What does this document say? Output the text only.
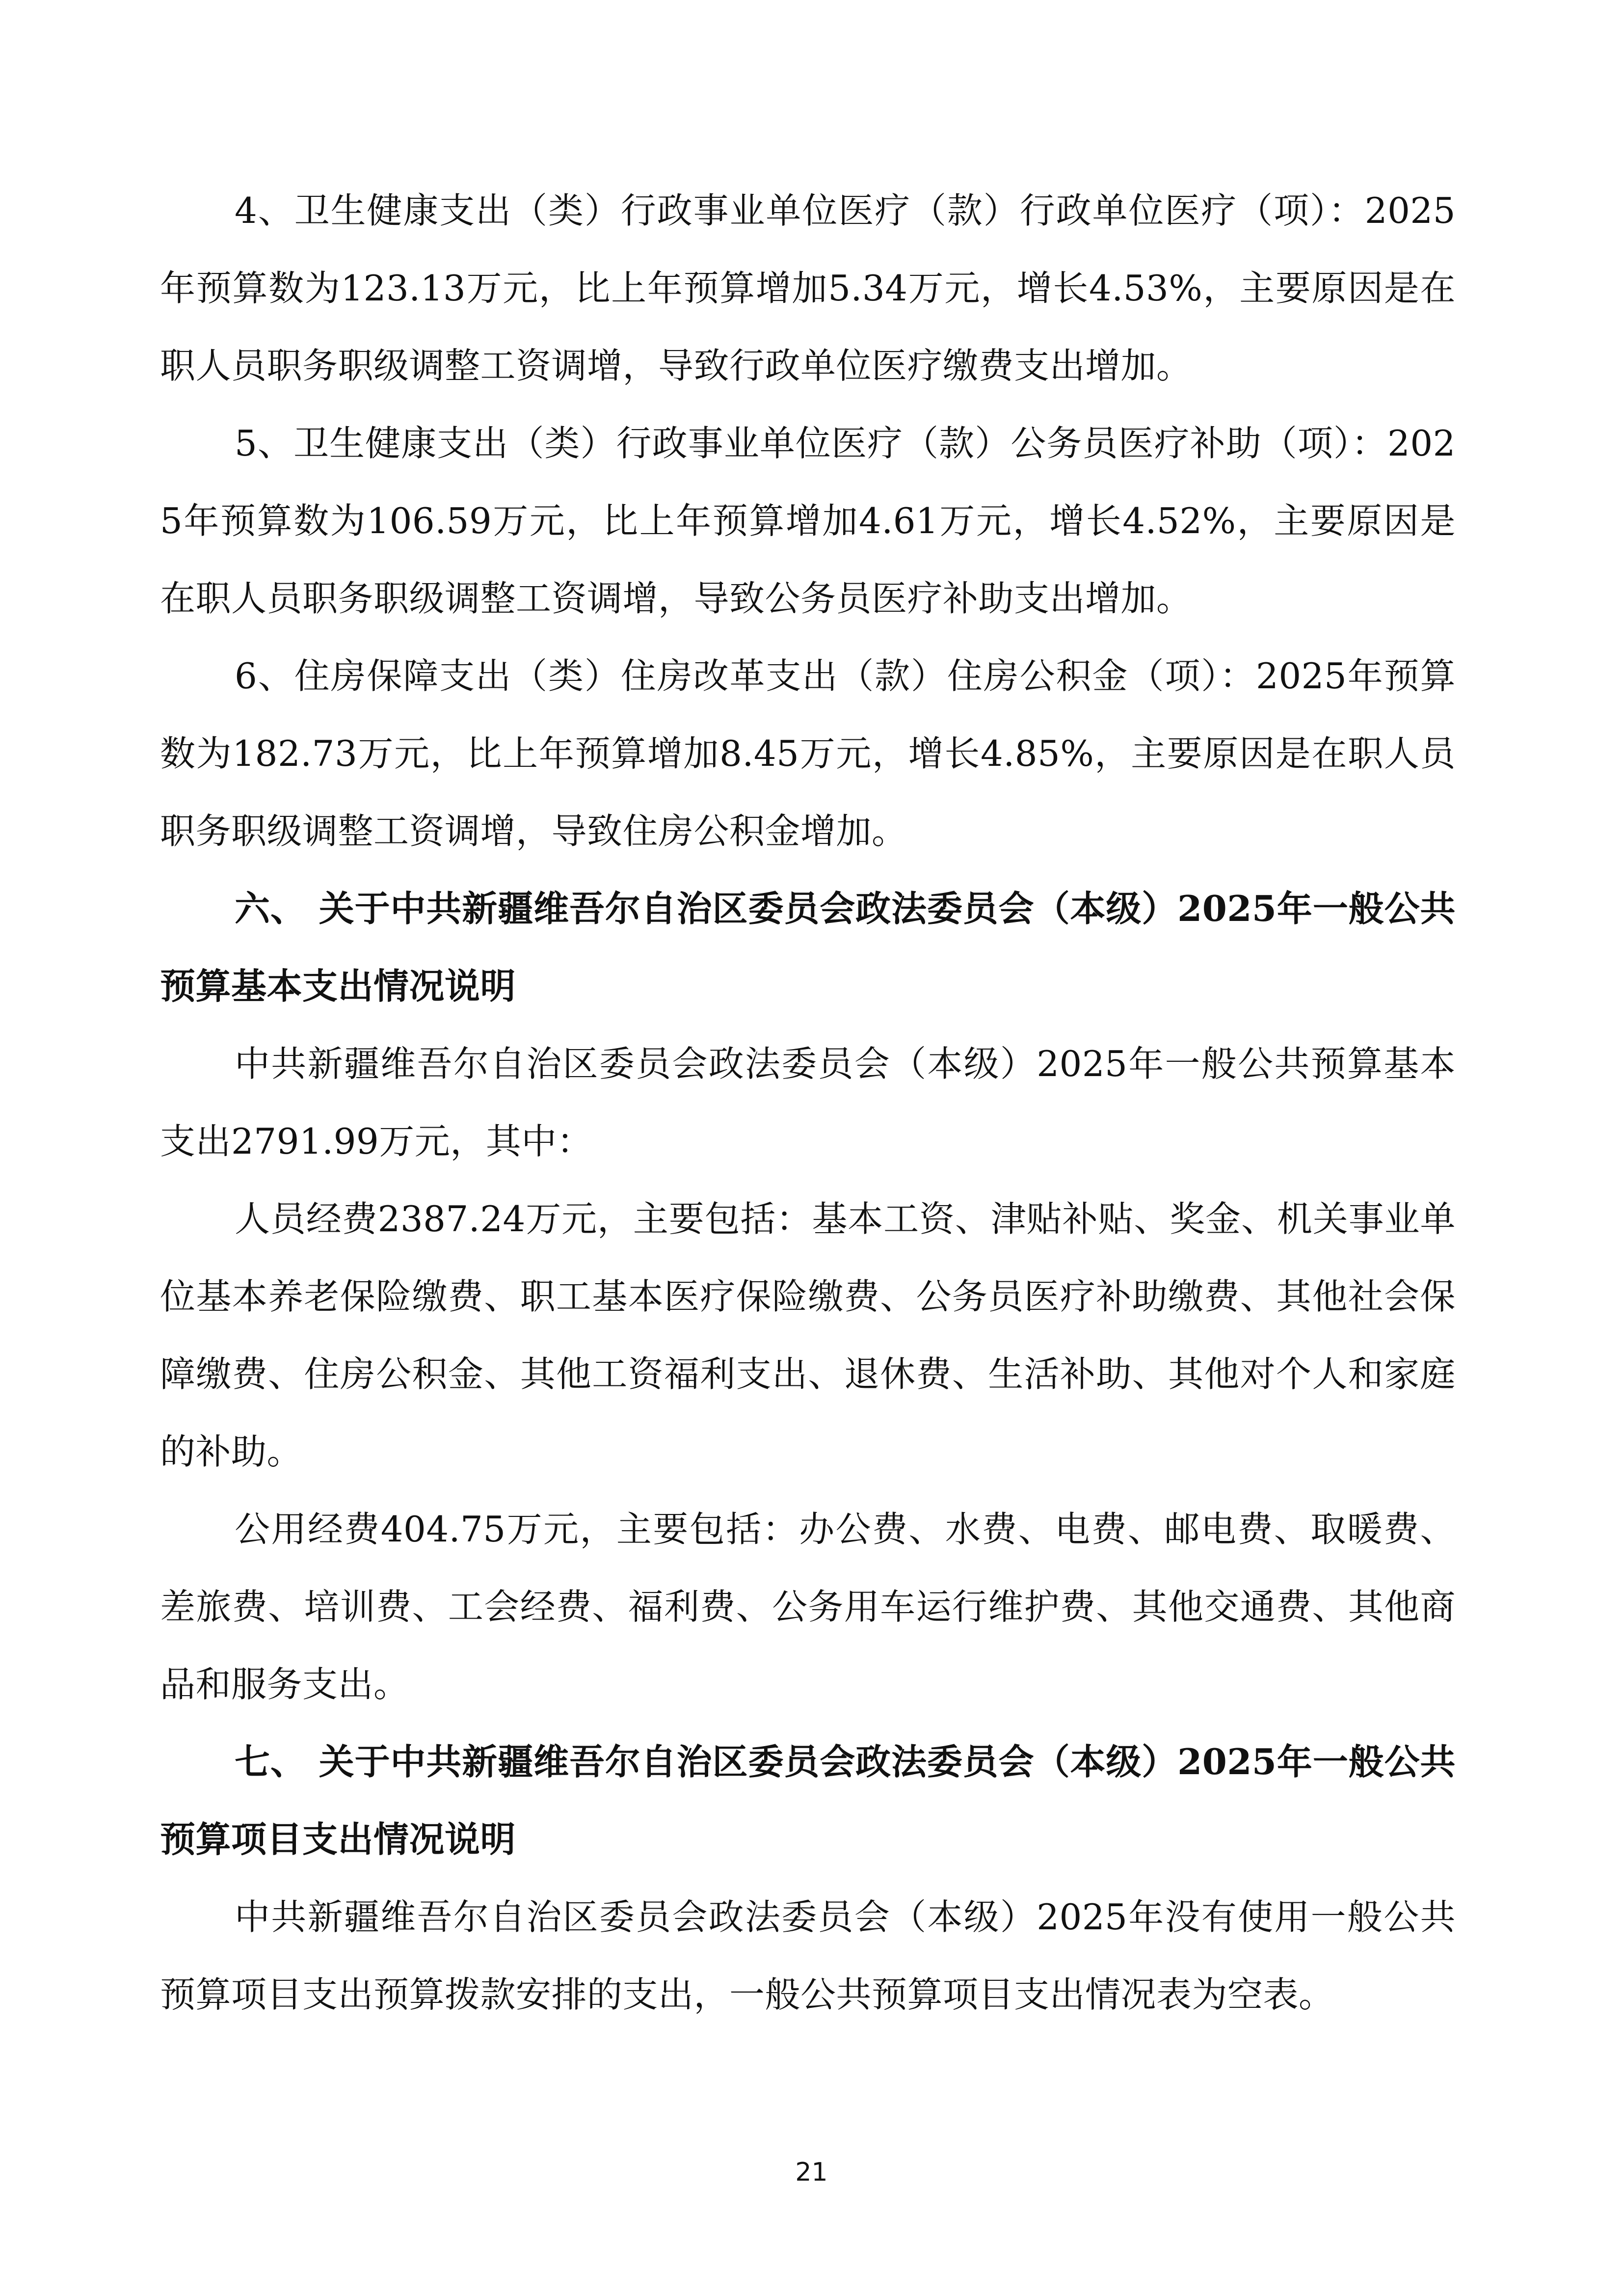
4、卫生健康支出（类）行政事业单位医疗（款）行政单位医疗（项）：2025年预算数为123.13万元，比上年预算增加5.34万元，增长4.53%，主要原因是在职人员职务职级调整工资调增，导致行政单位医疗缴费支出增加。

5、卫生健康支出（类）行政事业单位医疗（款）公务员医疗补助（项）：2025年预算数为106.59万元，比上年预算增加4.61万元，增长4.52%，主要原因是在职人员职务职级调整工资调增，导致公务员医疗补助支出增加。

6、住房保障支出（类）住房改革支出（款）住房公积金（项）：2025年预算数为182.73万元，比上年预算增加8.45万元，增长4.85%，主要原因是在职人员职务职级调整工资调增，导致住房公积金增加。

六、 关于中共新疆维吾尔自治区委员会政法委员会（本级）2025年一般公共预算基本支出情况说明

中共新疆维吾尔自治区委员会政法委员会（本级）2025年一般公共预算基本支出2791.99万元，其中：

人员经费2387.24万元，主要包括：基本工资、津贴补贴、奖金、机关事业单位基本养老保险缴费、职工基本医疗保险缴费、公务员医疗补助缴费、其他社会保障缴费、住房公积金、其他工资福利支出、退休费、生活补助、其他对个人和家庭的补助。

公用经费404.75万元，主要包括：办公费、水费、电费、邮电费、取暖费、差旅费、培训费、工会经费、福利费、公务用车运行维护费、其他交通费、其他商品和服务支出。

七、 关于中共新疆维吾尔自治区委员会政法委员会（本级）2025年一般公共预算项目支出情况说明

中共新疆维吾尔自治区委员会政法委员会（本级）2025年没有使用一般公共预算项目支出预算拨款安排的支出，一般公共预算项目支出情况表为空表。

21
